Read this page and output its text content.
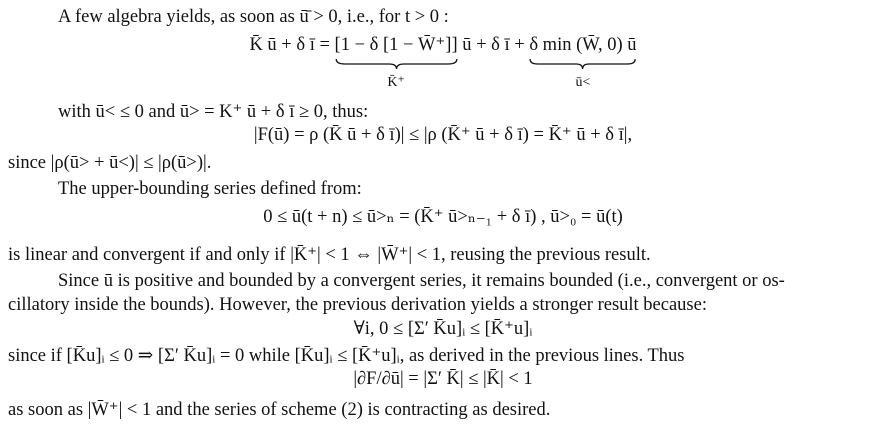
A few algebra yields, as soon as ū̄ > 0, i.e., for t > 0 :
K̄ ū + δ ī = [1 − δ [1 − W̄⁺]]
K̄⁺
ū + δ ī + δ min (W̄, 0) ū
ū<
with ū< ≤ 0 and ū> = K⁺ ū + δ ī ≥ 0, thus:
|F(ū) = ρ (K̄ ū + δ ī)| ≤ |ρ (K̄⁺ ū + δ ī) = K̄⁺ ū + δ ī|,
since |ρ(ū> + ū<)| ≤ |ρ(ū>)|.
The upper-bounding series defined from:
0 ≤ ū(t + n) ≤ ū>ₙ = (K̄⁺ ū>ₙ₋₁ + δ ī) , ū>₀ = ū(t)
is linear and convergent if and only if |K̄⁺| < 1 ⇔ |W̄⁺| < 1, reusing the previous result.
Since ū is positive and bounded by a convergent series, it remains bounded (i.e., convergent or os-
cillatory inside the bounds). However, the previous derivation yields a stronger result because:
∀i, 0 ≤ [Σ′ K̄u]ᵢ ≤ [K̄⁺u]ᵢ
since if [K̄u]ᵢ ≤ 0 ⇒ [Σ′ K̄u]ᵢ = 0 while [K̄u]ᵢ ≤ [K̄⁺u]ᵢ, as derived in the previous lines. Thus
|∂F/∂ū| = |Σ′ K̄| ≤ |K̄| < 1
as soon as |W̄⁺| < 1 and the series of scheme (2) is contracting as desired.
